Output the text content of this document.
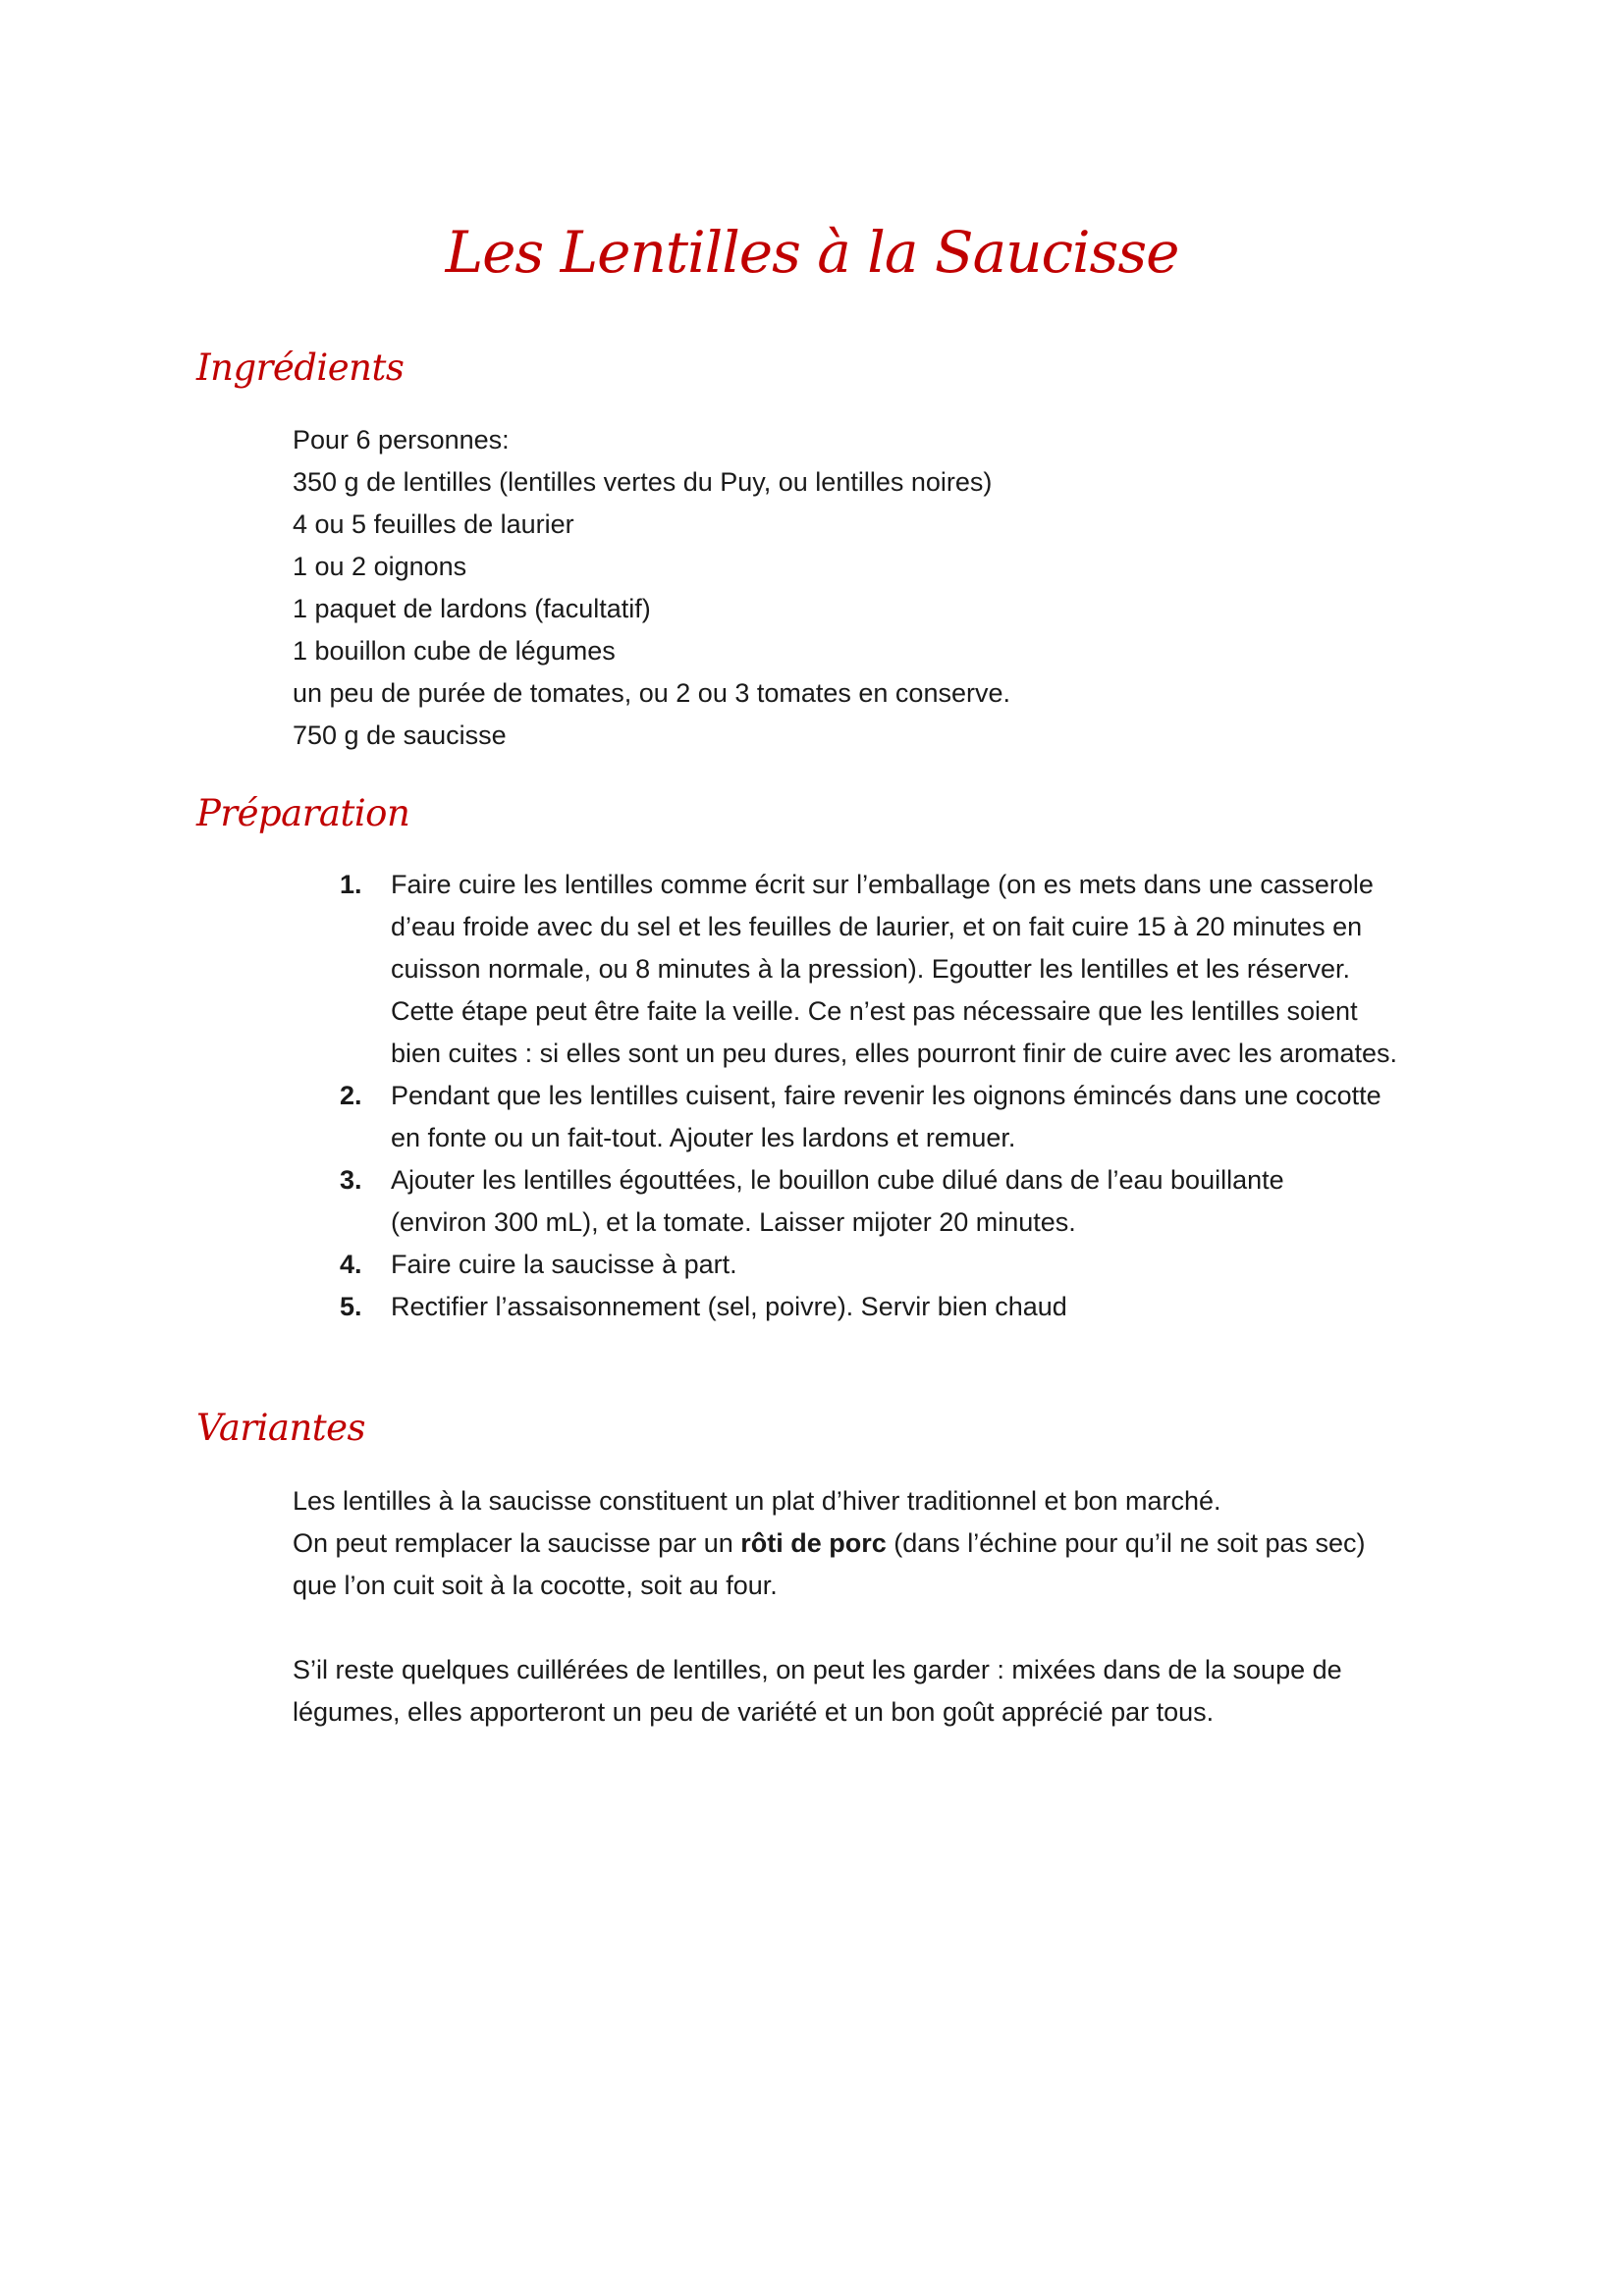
Les Lentilles à la Saucisse
Ingrédients
Pour 6 personnes:
350 g de lentilles (lentilles vertes du Puy, ou lentilles noires)
4 ou 5 feuilles de laurier
1 ou 2 oignons
1 paquet de lardons (facultatif)
1 bouillon cube de légumes
un peu de purée de tomates, ou 2 ou 3 tomates en conserve.
750 g de saucisse
Préparation
1. Faire cuire les lentilles comme écrit sur l’emballage (on es mets dans une casserole
d’eau froide avec du sel et les feuilles de laurier, et on fait cuire 15 à 20 minutes en
cuisson normale, ou 8 minutes à la pression). Egoutter les lentilles et les réserver.
Cette étape peut être faite la veille. Ce n’est pas nécessaire que les lentilles soient
bien cuites : si elles sont un peu dures, elles pourront finir de cuire avec les aromates.
2. Pendant que les lentilles cuisent, faire revenir les oignons émincés dans une cocotte
en fonte ou un fait-tout. Ajouter les lardons et remuer.
3. Ajouter les lentilles égouttées, le bouillon cube dilué dans de l’eau bouillante
(environ 300 mL), et la tomate. Laisser mijoter 20 minutes.
4. Faire cuire la saucisse à part.
5. Rectifier l’assaisonnement (sel, poivre). Servir bien chaud
Variantes
Les lentilles à la saucisse constituent un plat d’hiver traditionnel et bon marché.
On peut remplacer la saucisse par un rôti de porc (dans l’échine pour qu’il ne soit pas sec)
que l’on cuit soit à la cocotte, soit au four.
S’il reste quelques cuillérées de lentilles, on peut les garder : mixées dans de la soupe de
légumes, elles apporteront un peu de variété et un bon goût apprécié par tous.
